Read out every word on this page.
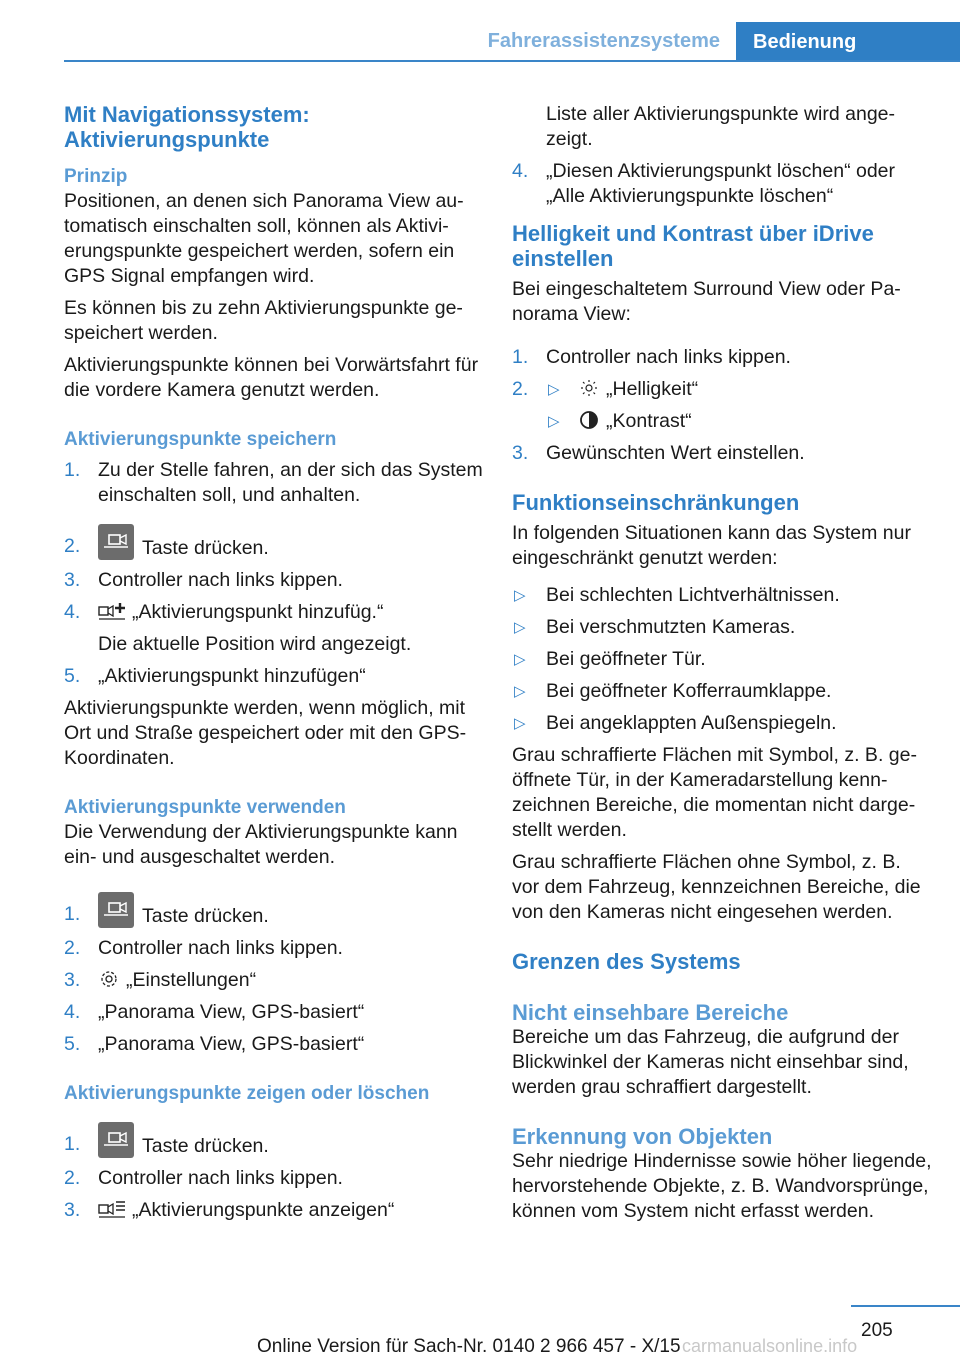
Fahrerassistenzsysteme Bedienung
Mit Navigationssystem:
Aktivierungspunkte
Prinzip

Positionen, an denen sich Panorama View automatisch einschalten soll, können als Aktivierungspunkte gespeichert werden, sofern ein GPS Signal empfangen wird.

Es können bis zu zehn Aktivierungspunkte gespeichert werden.

Aktivierungspunkte können bei Vorwärtsfahrt für die vordere Kamera genutzt werden.

Aktivierungspunkte speichern
1. Zu der Stelle fahren, an der sich das System einschalten soll, und anhalten.
2.	Taste drücken.
3. Controller nach links kippen.
4.	„Aktivierungspunkt hinzufüg.“
Die aktuelle Position wird angezeigt.
5. „Aktivierungspunkt hinzufügen“

Aktivierungspunkte werden, wenn möglich, mit Ort und Straße gespeichert oder mit den GPS-Koordinaten.

Aktivierungspunkte verwenden

Die Verwendung der Aktivierungspunkte kann ein- und ausgeschaltet werden.

1.	Taste drücken.
2. Controller nach links kippen.
3. „Einstellungen“
4. „Panorama View, GPS-basiert“
5. „Panorama View, GPS-basiert“
Aktivierungspunkte zeigen oder löschen
1.	Taste drücken.
2. Controller nach links kippen.
3.	„Aktivierungspunkte anzeigen“
Liste aller Aktivierungspunkte wird angezeigt.
4. „Diesen Aktivierungspunkt löschen“ oder „Alle Aktivierungspunkte löschen“
Helligkeit und Kontrast über iDrive einstellen

Bei eingeschaltetem Surround View oder Panorama View:

1. Controller nach links kippen.
2. ▷ „Helligkeit“
▷ „Kontrast“
3. Gewünschten Wert einstellen.
Funktionseinschränkungen

In folgenden Situationen kann das System nur eingeschränkt genutzt werden:

▷ Bei schlechten Lichtverhältnissen.
▷ Bei verschmutzten Kameras.
▷ Bei geöffneter Tür.
▷ Bei geöffneter Kofferraumklappe.
▷ Bei angeklappten Außenspiegeln.

Grau schraffierte Flächen mit Symbol, z. B. geöffnete Tür, in der Kameradarstellung kennzeichnen Bereiche, die momentan nicht dargestellt werden.

Grau schraffierte Flächen ohne Symbol, z. B. vor dem Fahrzeug, kennzeichnen Bereiche, die von den Kameras nicht eingesehen werden.

Grenzen des Systems
Nicht einsehbare Bereiche

Bereiche um das Fahrzeug, die aufgrund der Blickwinkel der Kameras nicht einsehbar sind, werden grau schraffiert dargestellt.

Erkennung von Objekten

Sehr niedrige Hindernisse sowie höher liegende, hervorstehende Objekte, z. B. Wandvorsprünge, können vom System nicht erfasst werden.

205
Online Version für Sach-Nr. 0140 2 966 457 - X/15 carmanualsonline.info
